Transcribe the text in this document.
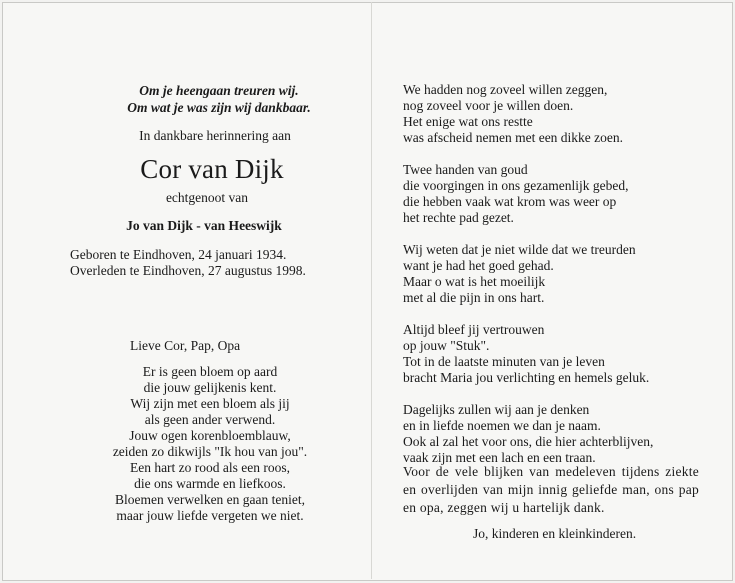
Om je heengaan treuren wij.
Om wat je was zijn wij dankbaar.
In dankbare herinnering aan
Cor van Dijk
echtgenoot van
Jo van Dijk - van Heeswijk
Geboren te Eindhoven, 24 januari 1934.
Overleden te Eindhoven, 27 augustus 1998.
Lieve Cor, Pap, Opa
Er is geen bloem op aard
die jouw gelijkenis kent.
Wij zijn met een bloem als jij
als geen ander verwend.
Jouw ogen korenbloemblauw,
zeiden zo dikwijls "Ik hou van jou".
Een hart zo rood als een roos,
die ons warmde en liefkoos.
Bloemen verwelken en gaan teniet,
maar jouw liefde vergeten we niet.
We hadden nog zoveel willen zeggen,
nog zoveel voor je willen doen.
Het enige wat ons restte
was afscheid nemen met een dikke zoen.
Twee handen van goud
die voorgingen in ons gezamenlijk gebed,
die hebben vaak wat krom was weer op
het rechte pad gezet.
Wij weten dat je niet wilde dat we treurden
want je had het goed gehad.
Maar o wat is het moeilijk
met al die pijn in ons hart.
Altijd bleef jij vertrouwen
op jouw "Stuk".
Tot in de laatste minuten van je leven
bracht Maria jou verlichting en hemels geluk.
Dagelijks zullen wij aan je denken
en in liefde noemen we dan je naam.
Ook al zal het voor ons, die hier achterblijven,
vaak zijn met een lach en een traan.
Voor de vele blijken van medeleven tijdens ziekte en overlijden van mijn innig geliefde man, ons pap en opa, zeggen wij u hartelijk dank.
Jo, kinderen en kleinkinderen.
